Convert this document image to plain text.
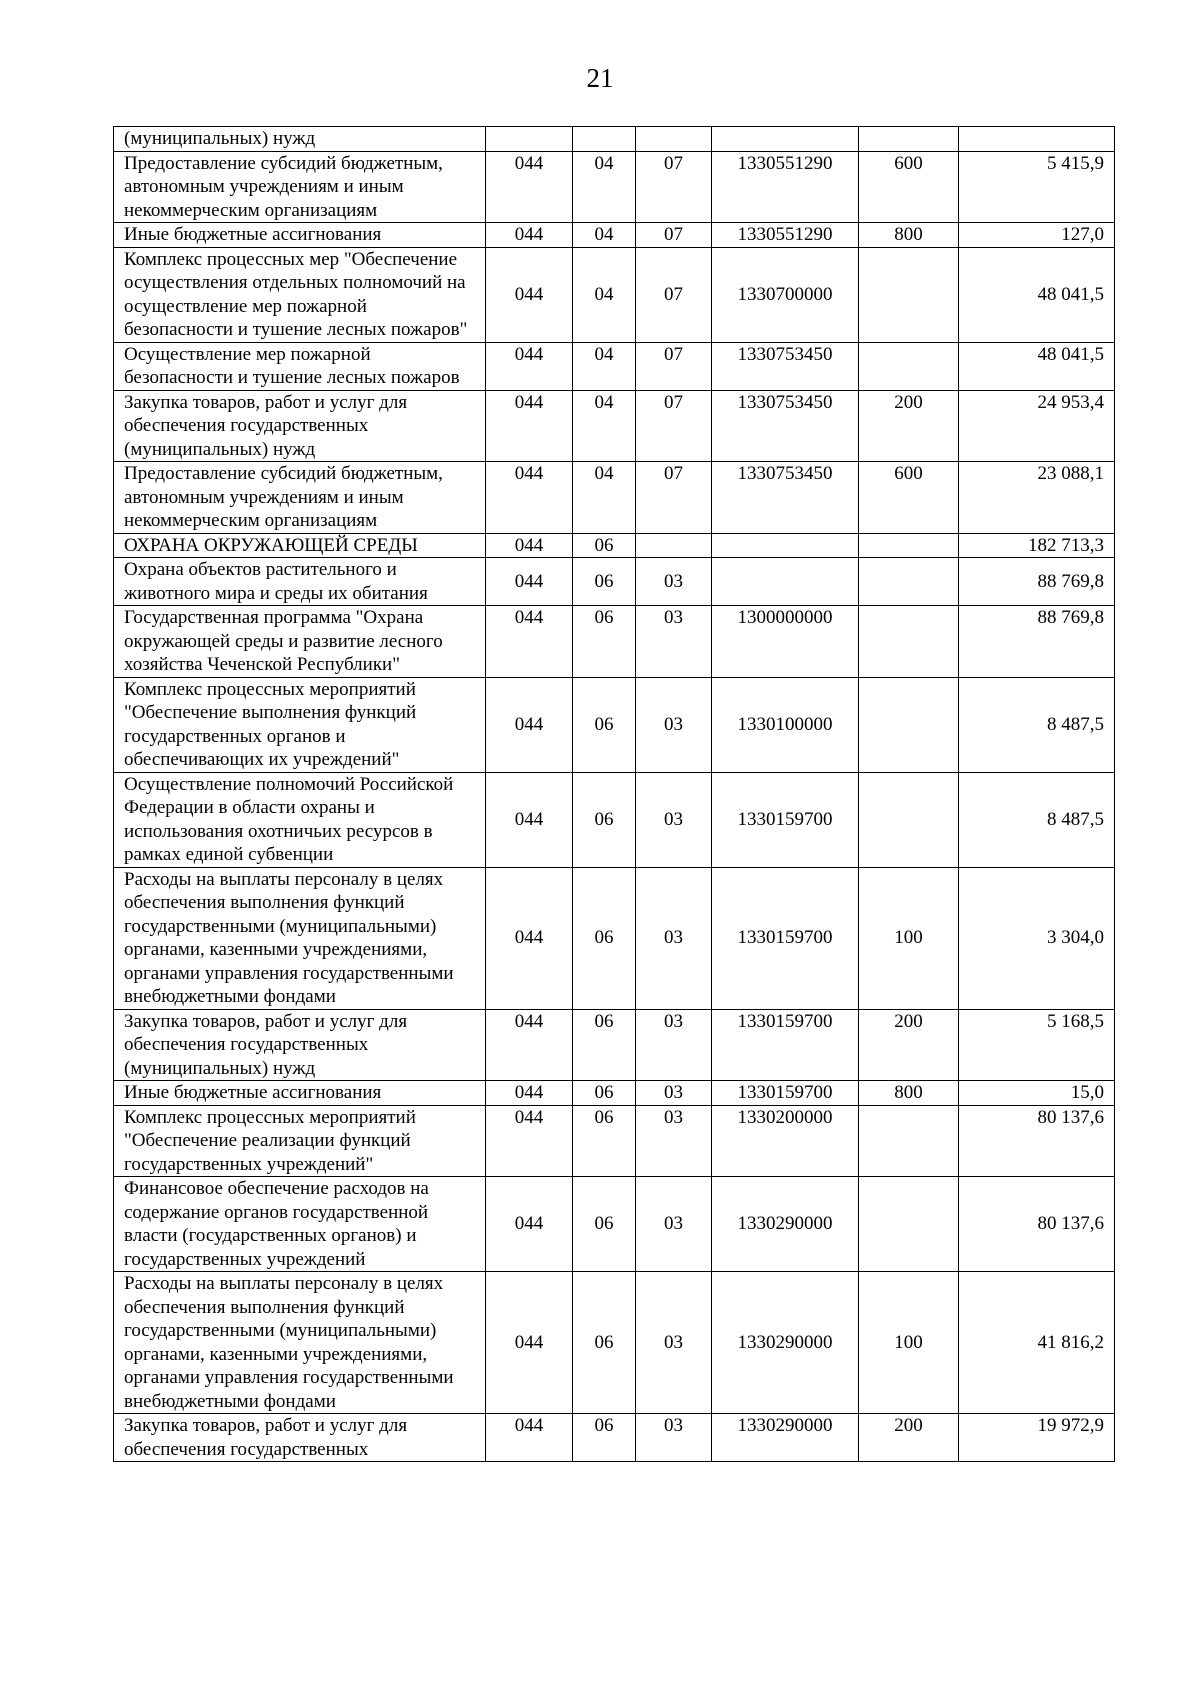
21
(муниципальных) нужд						
Предоставление субсидий бюджетным, автономным учреждениям и иным некоммерческим организациям	044	04	07	1330551290	600	5 415,9
Иные бюджетные ассигнования	044	04	07	1330551290	800	127,0
Комплекс процессных мер "Обеспечение осуществления отдельных полномочий на осуществление мер пожарной безопасности и тушение лесных пожаров"	044	04	07	1330700000		48 041,5
Осуществление мер пожарной безопасности и тушение лесных пожаров	044	04	07	1330753450		48 041,5
Закупка товаров, работ и услуг для обеспечения государственных (муниципальных) нужд	044	04	07	1330753450	200	24 953,4
Предоставление субсидий бюджетным, автономным учреждениям и иным некоммерческим организациям	044	04	07	1330753450	600	23 088,1
ОХРАНА ОКРУЖАЮЩЕЙ СРЕДЫ	044	06				182 713,3
Охрана объектов растительного и животного мира и среды их обитания	044	06	03			88 769,8
Государственная программа "Охрана окружающей среды и развитие лесного хозяйства Чеченской Республики"	044	06	03	1300000000		88 769,8
Комплекс процессных мероприятий "Обеспечение выполнения функций государственных органов и обеспечивающих их учреждений"	044	06	03	1330100000		8 487,5
Осуществление полномочий Российской Федерации в области охраны и использования охотничьих ресурсов в рамках единой субвенции	044	06	03	1330159700		8 487,5
Расходы на выплаты персоналу в целях обеспечения выполнения функций государственными (муниципальными) органами, казенными учреждениями, органами управления государственными внебюджетными фондами	044	06	03	1330159700	100	3 304,0
Закупка товаров, работ и услуг для обеспечения государственных (муниципальных) нужд	044	06	03	1330159700	200	5 168,5
Иные бюджетные ассигнования	044	06	03	1330159700	800	15,0
Комплекс процессных мероприятий "Обеспечение реализации функций государственных учреждений"	044	06	03	1330200000		80 137,6
Финансовое обеспечение расходов на содержание органов государственной власти (государственных органов) и государственных учреждений	044	06	03	1330290000		80 137,6
Расходы на выплаты персоналу в целях обеспечения выполнения функций государственными (муниципальными) органами, казенными учреждениями, органами управления государственными внебюджетными фондами	044	06	03	1330290000	100	41 816,2
Закупка товаров, работ и услуг для обеспечения государственных	044	06	03	1330290000	200	19 972,9
